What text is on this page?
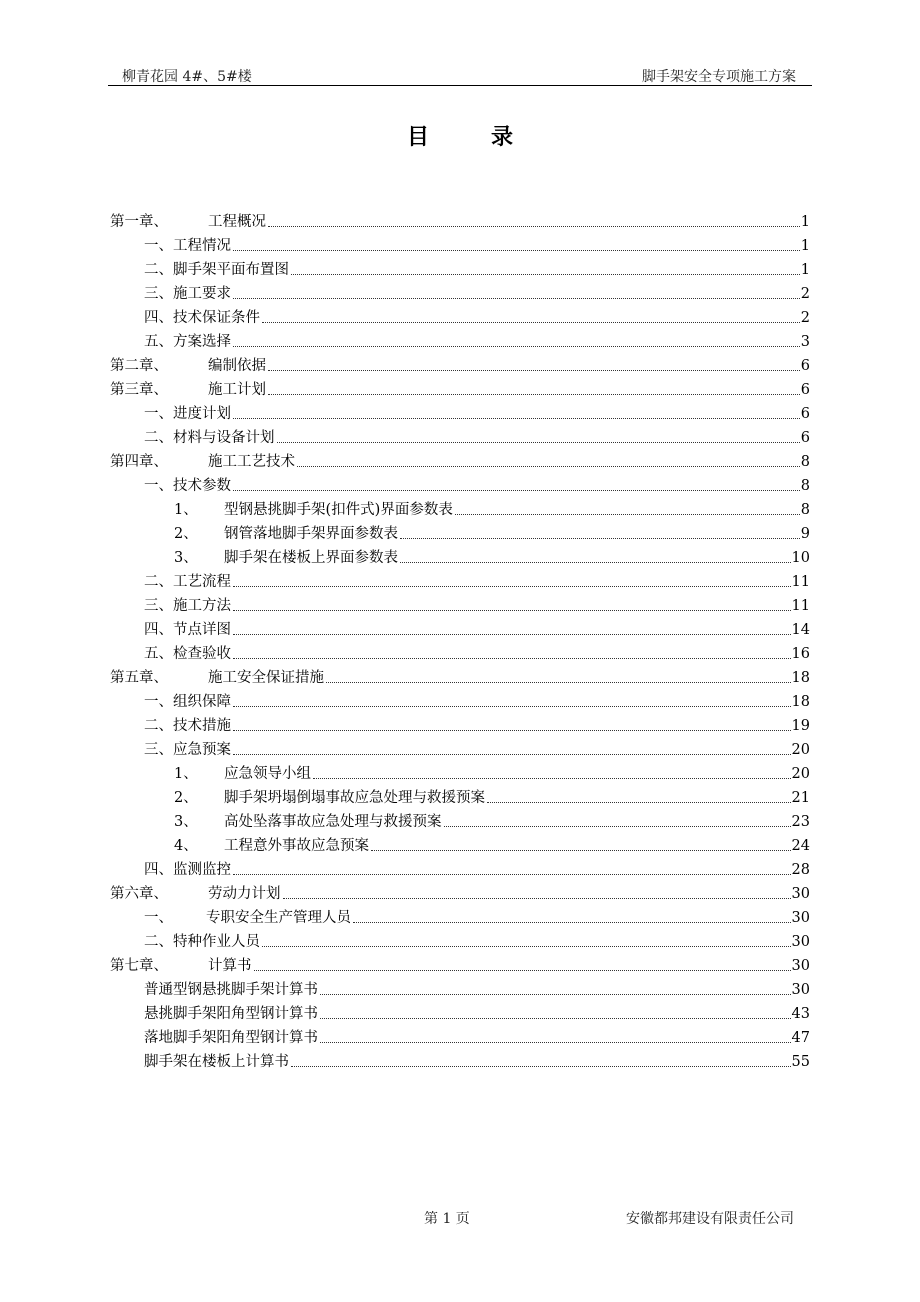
柳青花园 4#、5#楼	脚手架安全专项施工方案
目录
第一章、	工程概况	1
一、工程情况	1
二、脚手架平面布置图	1
三、施工要求	2
四、技术保证条件	2
五、方案选择	3
第二章、	编制依据	6
第三章、	施工计划	6
一、进度计划	6
二、材料与设备计划	6
第四章、	施工工艺技术	8
一、技术参数	8
1、	型钢悬挑脚手架(扣件式)界面参数表	8
2、	钢管落地脚手架界面参数表	9
3、	脚手架在楼板上界面参数表	10
二、工艺流程	11
三、施工方法	11
四、节点详图	14
五、检查验收	16
第五章、	施工安全保证措施	18
一、组织保障	18
二、技术措施	19
三、应急预案	20
1、	应急领导小组	20
2、	脚手架坍塌倒塌事故应急处理与救援预案	21
3、	高处坠落事故应急处理与救援预案	23
4、	工程意外事故应急预案	24
四、监测监控	28
第六章、	劳动力计划	30
一、	专职安全生产管理人员	30
二、特种作业人员	30
第七章、	计算书	30
普通型钢悬挑脚手架计算书	30
悬挑脚手架阳角型钢计算书	43
落地脚手架阳角型钢计算书	47
脚手架在楼板上计算书	55
第 1 页	安徽都邦建设有限责任公司
